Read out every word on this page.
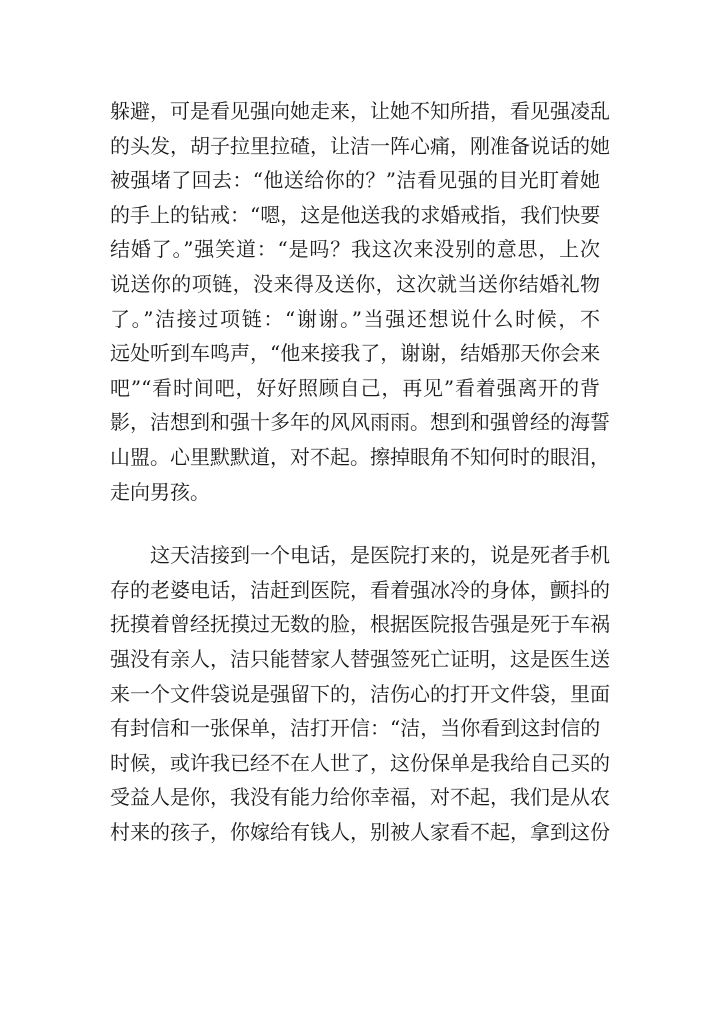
躲避，可是看见强向她走来，让她不知所措，看见强凌乱
的头发，胡子拉里拉碴，让洁一阵心痛，刚准备说话的她
被强堵了回去：“他送给你的？”洁看见强的目光盯着她
的手上的钻戒：“嗯，这是他送我的求婚戒指，我们快要
结婚了。”强笑道：“是吗？我这次来没别的意思，上次
说送你的项链，没来得及送你，这次就当送你结婚礼物
了。”洁接过项链：“谢谢。”当强还想说什么时候，不
远处听到车鸣声，“他来接我了，谢谢，结婚那天你会来
吧”“看时间吧，好好照顾自己，再见”看着强离开的背
影，洁想到和强十多年的风风雨雨。想到和强曾经的海誓
山盟。心里默默道，对不起。擦掉眼角不知何时的眼泪，
走向男孩。
这天洁接到一个电话，是医院打来的，说是死者手机
存的老婆电话，洁赶到医院，看着强冰冷的身体，颤抖的
抚摸着曾经抚摸过无数的脸，根据医院报告强是死于车祸
强没有亲人，洁只能替家人替强签死亡证明，这是医生送
来一个文件袋说是强留下的，洁伤心的打开文件袋，里面
有封信和一张保单，洁打开信：“洁，当你看到这封信的
时候，或许我已经不在人世了，这份保单是我给自己买的
受益人是你，我没有能力给你幸福，对不起，我们是从农
村来的孩子，你嫁给有钱人，别被人家看不起，拿到这份
